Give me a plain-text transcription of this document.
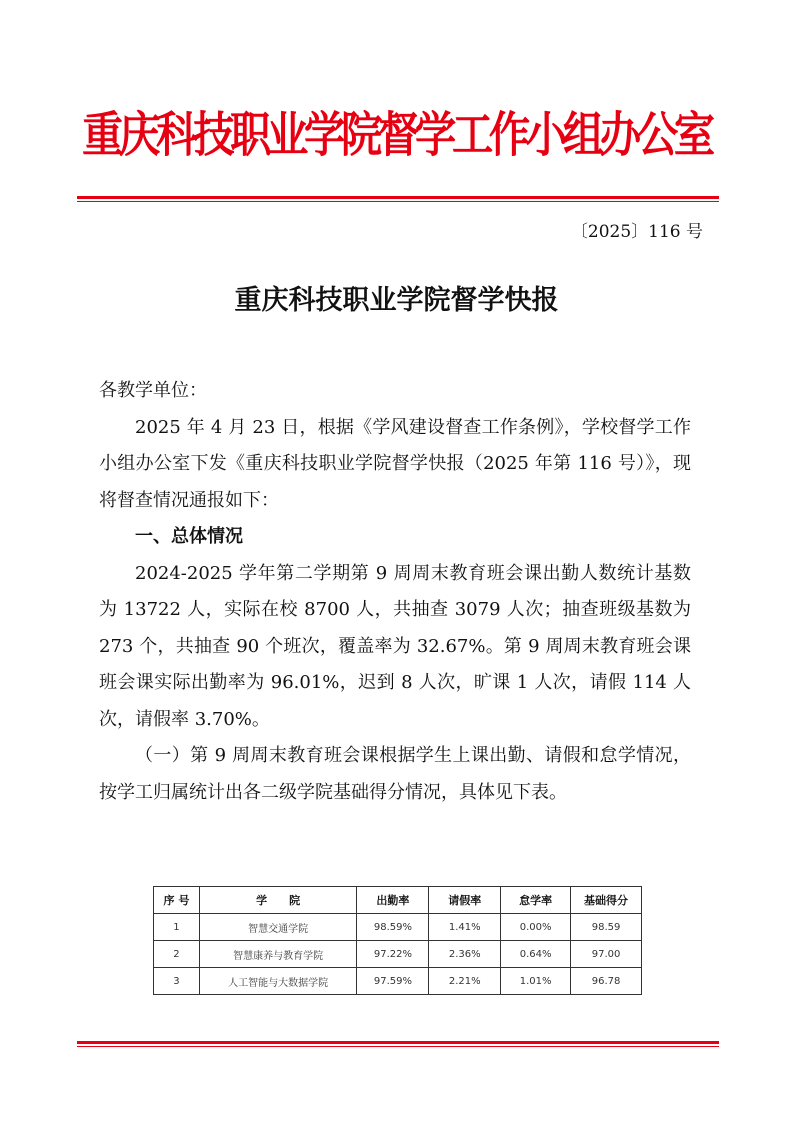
重庆科技职业学院督学工作小组办公室
〔2025〕116 号
重庆科技职业学院督学快报

各教学单位：

2025 年 4 月 23 日，根据《学风建设督查工作条例》，学校督学工作小组办公室下发《重庆科技职业学院督学快报（2025 年第 116 号）》，现将督查情况通报如下：

一、总体情况

2024-2025 学年第二学期第 9 周周末教育班会课出勤人数统计基数为 13722 人，实际在校 8700 人，共抽查 3079 人次；抽查班级基数为 273 个，共抽查 90 个班次，覆盖率为 32.67%。第 9 周周末教育班会课班会课实际出勤率为 96.01%，迟到 8 人次，旷课 1 人次，请假 114 人次，请假率 3.70%。

（一）第 9 周周末教育班会课根据学生上课出勤、请假和怠学情况，按学工归属统计出各二级学院基础得分情况，具体见下表。

序 号	学　　院	出勤率	请假率	怠学率	基础得分
1	智慧交通学院	98.59%	1.41%	0.00%	98.59
2	智慧康养与教育学院	97.22%	2.36%	0.64%	97.00
3	人工智能与大数据学院	97.59%	2.21%	1.01%	96.78
